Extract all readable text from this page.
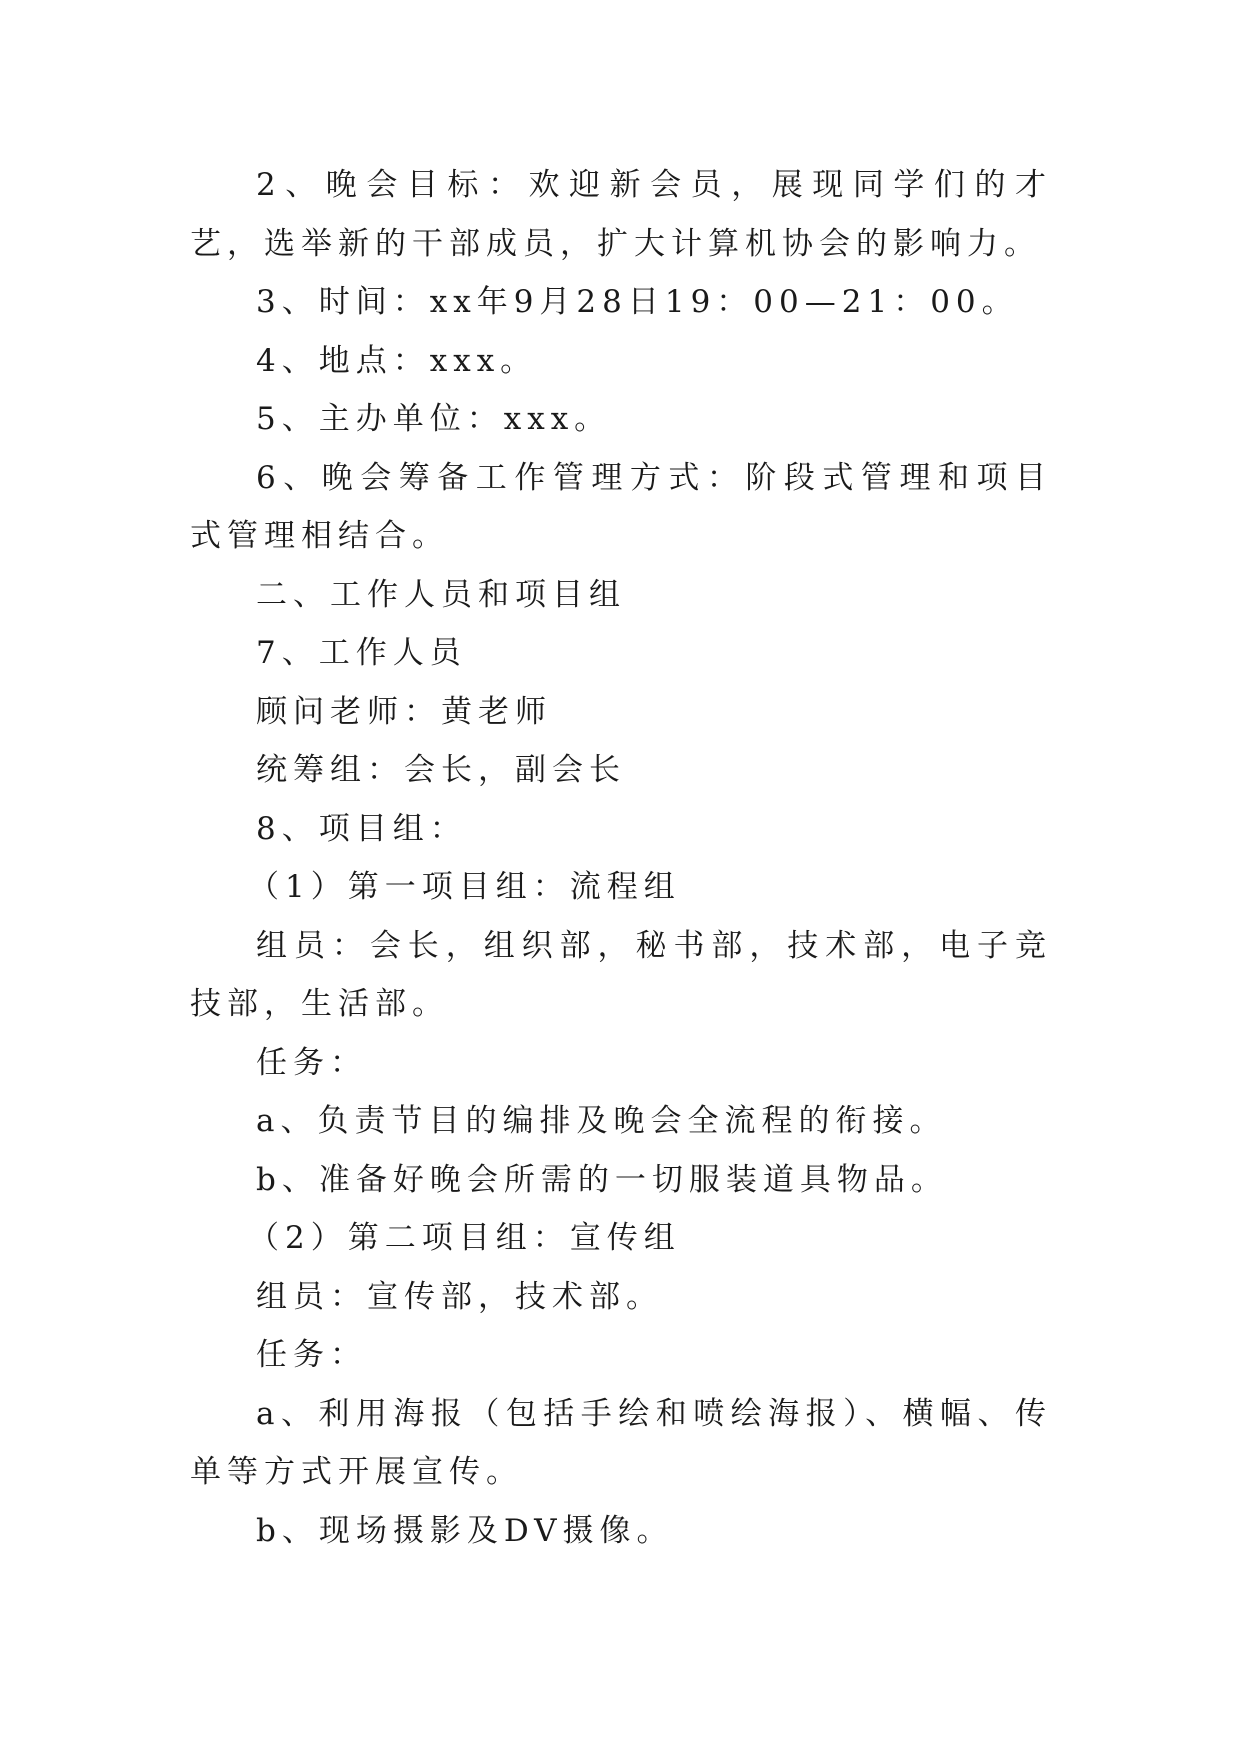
2、晚会目标：欢迎新会员，展现同学们的才艺，选举新的干部成员，扩大计算机协会的影响力。

3、时间：xx年9月28日19：00—21：00。

4、地点：xxx。

5、主办单位：xxx。

6、晚会筹备工作管理方式：阶段式管理和项目式管理相结合。

二、工作人员和项目组

7、工作人员

顾问老师：黄老师

统筹组：会长，副会长

8、项目组：

（1）第一项目组：流程组

组员：会长，组织部，秘书部，技术部，电子竞技部，生活部。

任务：

a、负责节目的编排及晚会全流程的衔接。

b、准备好晚会所需的一切服装道具物品。

（2）第二项目组：宣传组

组员：宣传部，技术部。

任务：

a、利用海报（包括手绘和喷绘海报）、横幅、传单等方式开展宣传。

b、现场摄影及DV摄像。
